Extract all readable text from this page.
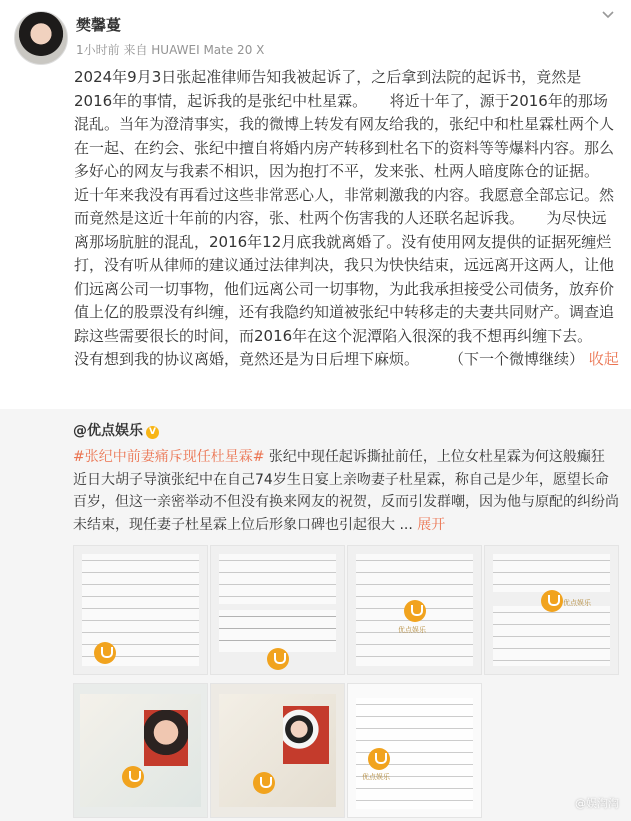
樊馨蔓
1小时前 来自 HUAWEI Mate 20 X

2024年9月3日张起准律师告知我被起诉了，之后拿到法院的起诉书，竟然是2016年的事情，起诉我的是张纪中杜星霖。　　将近十年了，源于2016年的那场混乱。当年为澄清事实，我的微博上转发有网友给我的，张纪中和杜星霖杜两个人在一起、在约会、张纪中擅自将婚内房产转移到杜名下的资料等等爆料内容。那么多好心的网友与我素不相识，因为抱打不平，发来张、杜两人暗度陈仓的证据。

近十年来我没有再看过这些非常恶心人，非常刺激我的内容。我愿意全部忘记。然而竟然是这近十年前的内容，张、杜两个伤害我的人还联名起诉我。　　为尽快远离那场肮脏的混乱，2016年12月底我就离婚了。没有使用网友提供的证据死缠烂打，没有听从律师的建议通过法律判决，我只为快快结束，远远离开这两人，让他们远离公司一切事物，他们远离公司一切事物，为此我承担接受公司债务，放弃价值上亿的股票没有纠缠，还有我隐约知道被张纪中转移走的夫妻共同财产。调查追踪这些需要很长的时间，而2016年在这个泥潭陷入很深的我不想再纠缠下去。

没有想到我的协议离婚，竟然还是为日后埋下麻烦。　　　（下一个微博继续） 收起

@优点娱乐 V

#张纪中前妻痛斥现任杜星霖# 张纪中现任起诉撕扯前任，上位女杜星霖为何这般癫狂

近日大胡子导演张纪中在自己74岁生日宴上亲吻妻子杜星霖，称自己是少年，愿望长命百岁，但这一亲密举动不但没有换来网友的祝贺，反而引发群嘲，因为他与原配的纠纷尚未结束，现任妻子杜星霖上位后形象口碑也引起很大 ... 展开

优点娱乐
优点娱乐
优点娱乐
@娱淘淘
